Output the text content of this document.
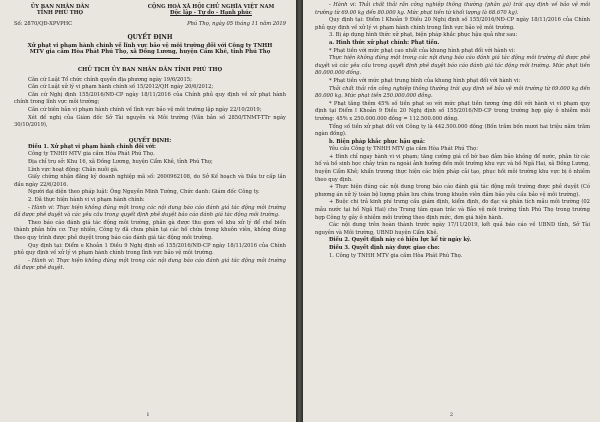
ỦY BAN NHÂN DÂN
TỈNH PHÚ THỌ
CỘNG HOÀ XÃ HỘI CHỦ NGHĨA VIỆT NAM
Độc lập - Tự do - Hạnh phúc
Số: 2870/QĐ-XPVPHC	Phú Thọ, ngày 05 tháng 11 năm 2019
QUYẾT ĐỊNH
Xử phạt vi phạm hành chính về lĩnh vực bảo vệ môi trường đối với Công ty TNHH MTV gia cầm Hòa Phát Phú Thọ, xã Đồng Lương, huyện Cẩm Khê, tỉnh Phú Thọ
CHỦ TỊCH ỦY BAN NHÂN DÂN TỈNH PHÚ THỌ

Căn cứ Luật Tổ chức chính quyền địa phương ngày 19/6/2015;

Căn cứ Luật xử lý vi phạm hành chính số 15/2012/QH ngày 20/6/2012;

Căn cứ Nghị định 155/2016/NĐ-CP ngày 18/11/2016 của Chính phủ quy định về xử phạt hành chính trong lĩnh vực môi trường;

Căn cứ biên bản vi phạm hành chính về lĩnh vực bảo vệ môi trường lập ngày 22/10/2019;

Xét đề nghị của Giám đốc Sở Tài nguyên và Môi trường (Văn bản số 2850/TNMT-TTr ngày 30/10/2019),

QUYẾT ĐỊNH:

Điều 1. Xử phạt vi phạm hành chính đối với:

Công ty TNHH MTV gia cầm Hòa Phát Phú Thọ.

Địa chỉ trụ sở: Khu 16, xã Đồng Lương, huyện Cẩm Khê, tỉnh Phú Thọ;

Lĩnh vực hoạt động: Chăn nuôi gà.

Giấy chứng nhận đăng ký doanh nghiệp mã số: 2600962108, do Sở Kế hoạch và Đầu tư cấp lần đầu ngày 22/6/2016.

Người đại diện theo pháp luật: Ông Nguyễn Minh Tường, Chức danh: Giám đốc Công ty.

2. Đã thực hiện hành vi vi phạm hành chính:

- Hành vi: Thực hiện không đúng một trong các nội dung báo cáo đánh giá tác động môi trường đã được phê duyệt và các yêu cầu trong quyết định phê duyệt báo cáo đánh giá tác động môi trường.

Theo báo cáo đánh giá tác động môi trường, phân gà được thu gom về khu xử lý để chế biến thành phân hữu cơ. Tuy nhiên, Công ty đã chưa phân tại các hố chứa trong khuôn viên, không đúng theo quy trình được phê duyệt trong báo cáo đánh giá tác động môi trường.

Quy định tại: Điểm e Khoản 1 Điều 9 Nghị định số 155/2016/NĐ-CP ngày 18/11/2016 của Chính phủ quy định về xử lý vi phạm hành chính trong lĩnh vực bảo vệ môi trường.

- Hành vi: Thực hiện không đúng một trong các nội dung báo cáo đánh giá tác động môi trường đã được phê duyệt.

1

- Hành vi: Thải chất thải rắn công nghiệp thông thường (phân gà) trái quy định về bảo vệ môi trường từ 69.00 kg đến 80.000 kg. Mức phạt tiền từ khối lượng là 68.670 kg).

Quy định tại: Điểm l Khoản 9 Điều 20 Nghị định số 155/2016/NĐ-CP ngày 18/11/2016 của Chính phủ quy định về xử lý vi phạm hành chính trong lĩnh vực bảo vệ môi trường.

3. Bị áp dụng hình thức xử phạt, biện pháp khắc phục hậu quả như sau:

a. Hình thức xử phạt chính: Phạt tiền.

* Phạt tiền với mức phạt cao nhất của khung hình phạt đối với hành vi:

Thực hiện không đúng một trong các nội dung báo cáo đánh giá tác động môi trường đã được phê duyệt và các yêu cầu trong quyết định phê duyệt báo cáo đánh giá tác động môi trường. Mức phạt tiền 80.000.000 đồng.

* Phạt tiền với mức phạt trung bình của khung hình phạt đối với hành vi:

Thải chất thải rắn công nghiệp thông thường trái quy định về bảo vệ môi trường từ 69.000 kg đến 80.000 kg. Mức phạt tiền 250.000.000 đồng.

* Phạt tăng thêm 45% số tiền phạt so với mức phạt tiền tương ứng đối với hành vi vi phạm quy định tại Điểm l Khoản 9 Điều 20 Nghị định số 155/2016/NĐ-CP trong trường hợp gây ô nhiễm môi trường: 45% x 250.000.000 đồng = 112.500.000 đồng.

Tổng số tiền xử phạt đối với Công ty là 442.500.000 đồng (Bốn trăm bốn mươi hai triệu năm trăm ngàn đồng).

b. Biện pháp khắc phục hậu quả:

Yêu cầu Công ty TNHH MTV gia cầm Hòa Phát Phú Thọ:

+ Đình chỉ ngay hành vi vi phạm; tăng cường giá cổ bờ bao đảm bảo không để nước, phân từ các hố và hồ sinh học chảy tràn ra ngoài ảnh hưởng đến môi trường khu vực và hồ Ngã Hai, xã Đồng Lương, huyện Cẩm Khê; khẩn trương thực hiện các biện pháp cải tạo, phục hồi môi trường khu vực bị ô nhiễm theo quy định.

+ Thực hiện đúng các nội dung trong báo cáo đánh giá tác động môi trường được phê duyệt (Có phương án xử lý toàn bộ lượng phân lưu chứa trong khuôn viên đảm bảo yêu cầu bảo vệ môi trường).

+ Buộc chi trả kinh phí trưng cầu giám định, kiểm định, đo đạc và phân tích mẫu môi trường (02 mẫu nước tại hồ Ngã Hai) cho Trung tâm quan trắc và Bảo vệ môi trường tỉnh Phú Thọ trong trường hợp Công ty gây ô nhiễm môi trường theo định mức, đơn giá hiện hành.

Các nội dung trên hoàn thành trước ngày 17/11/2019, kết quả báo cáo về UBND tỉnh, Sở Tài nguyên và Môi trường, UBND huyện Cẩm Khê.

Điều 2. Quyết định này có hiệu lực kể từ ngày ký.

Điều 3. Quyết định này được giao cho:

1. Công ty TNHH MTV gia cầm Hòa Phát Phú Thọ.

2
